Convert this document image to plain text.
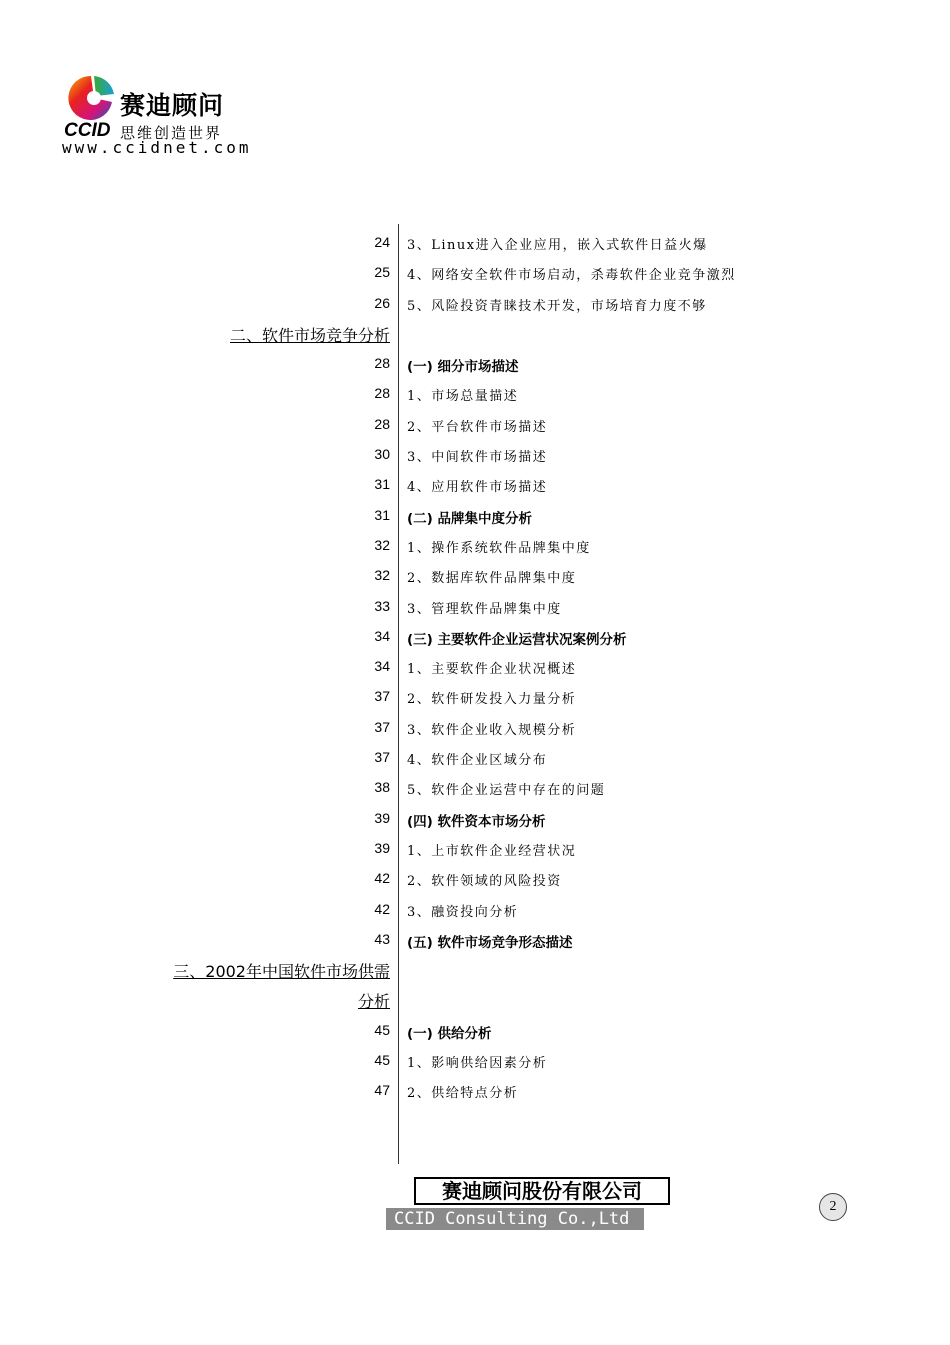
赛迪顾问
CCID 思维创造世界
www.ccidnet.com
24 3、Linux进入企业应用，嵌入式软件日益火爆
25 4、网络安全软件市场启动，杀毒软件企业竞争激烈
26 5、风险投资青睐技术开发，市场培育力度不够
二、软件市场竞争分析
28 (一) 细分市场描述
28 1、市场总量描述
28 2、平台软件市场描述
30 3、中间软件市场描述
31 4、应用软件市场描述
31 (二) 品牌集中度分析
32 1、操作系统软件品牌集中度
32 2、数据库软件品牌集中度
33 3、管理软件品牌集中度
34 (三) 主要软件企业运营状况案例分析
34 1、主要软件企业状况概述
37 2、软件研发投入力量分析
37 3、软件企业收入规模分析
37 4、软件企业区域分布
38 5、软件企业运营中存在的问题
39 (四) 软件资本市场分析
39 1、上市软件企业经营状况
42 2、软件领域的风险投资
42 3、融资投向分析
43 (五) 软件市场竞争形态描述
三、2002年中国软件市场供需
分析
45 (一) 供给分析
45 1、影响供给因素分析
47 2、供给特点分析
赛迪顾问股份有限公司
CCID Consulting Co.,Ltd
2
